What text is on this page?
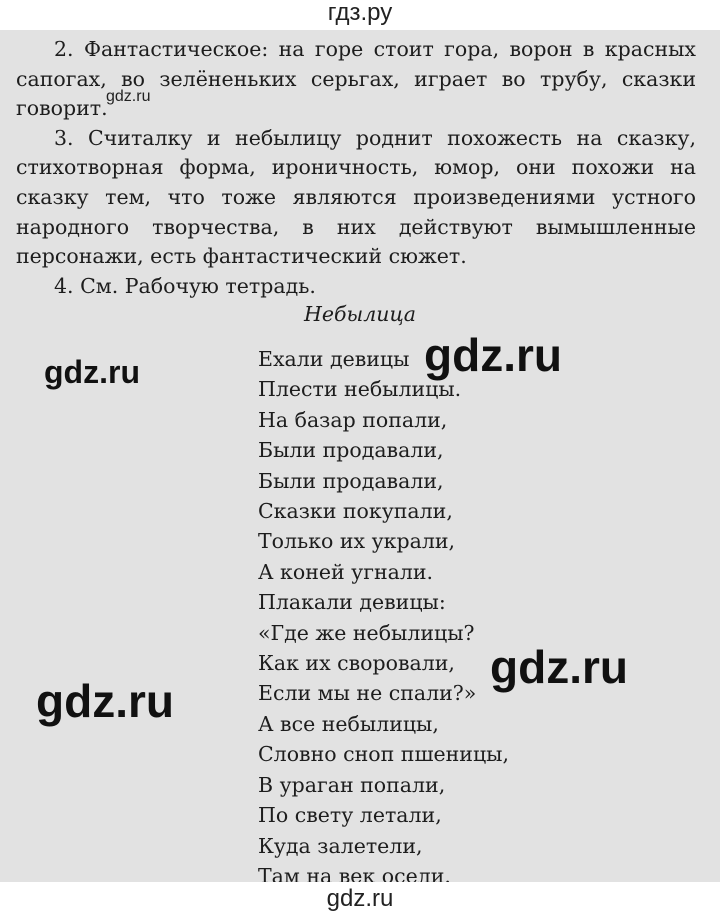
гдз.ру

2. Фантастическое: на горе стоит гора, ворон в красных сапогах, во зелёненьких серьгах, играет во трубу, сказки говорит.

3. Считалку и небылицу роднит похожесть на сказку, стихотворная форма, ироничность, юмор, они похожи на сказку тем, что тоже являются произведениями устного народного творчества, в них действуют вымышленные персонажи, есть фантастический сюжет.

4. См. Рабочую тетрадь.

Небылица
Ехали девицы
Плести небылицы.
На базар попали,
Были продавали,
Были продавали,
Сказки покупали,
Только их украли,
А коней угнали.
Плакали девицы:
«Где же небылицы?
Как их своровали,
Если мы не спали?»
А все небылицы,
Словно сноп пшеницы,
В ураган попали,
По свету летали,
Куда залетели,
Там на век осели.
gdz.ru
gdz.ru
gdz.ru
gdz.ru
gdz.ru
gdz.ru
